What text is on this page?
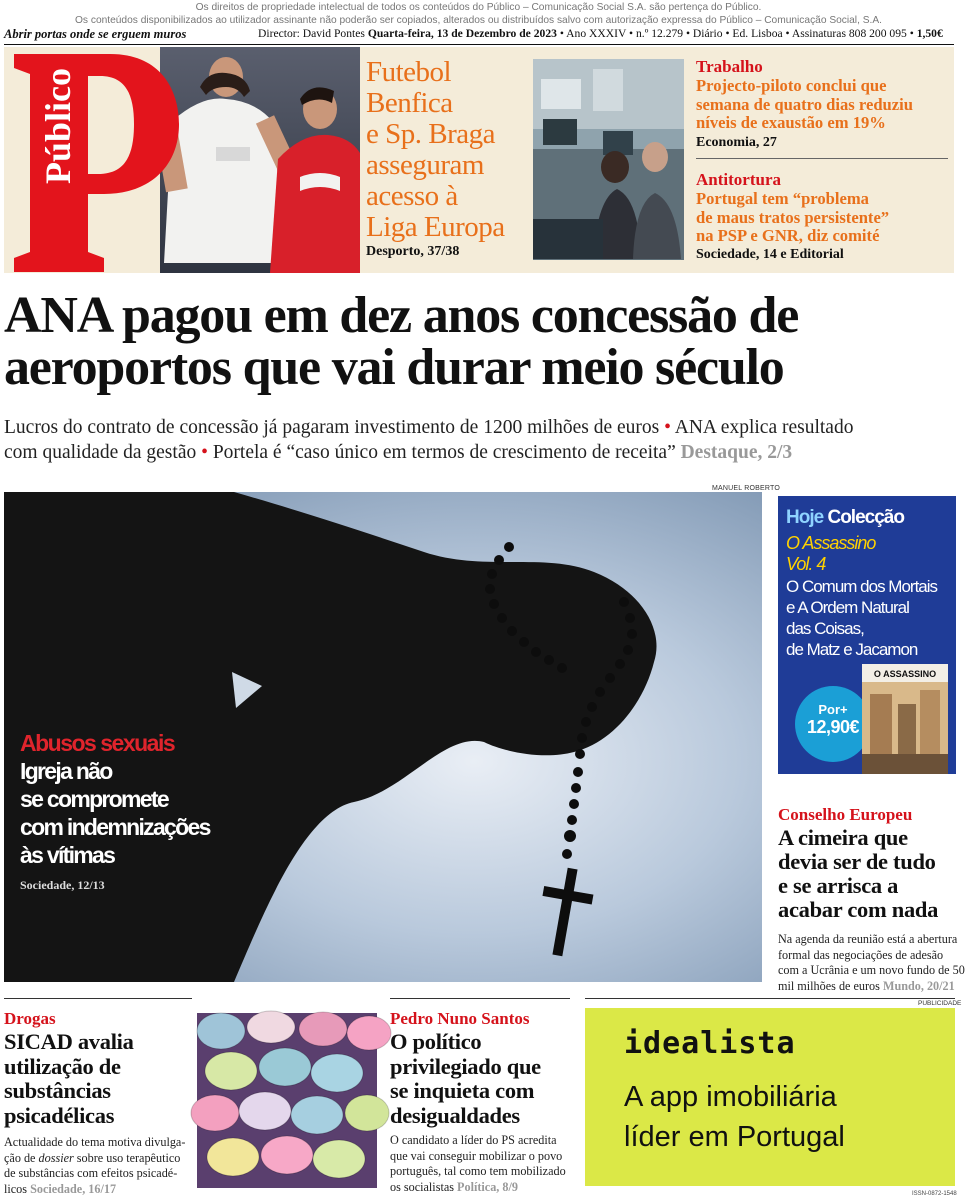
Os direitos de propriedade intelectual de todos os conteúdos do Público – Comunicação Social S.A. são pertença do Público.
Os conteúdos disponibilizados ao utilizador assinante não poderão ser copiados, alterados ou distribuídos salvo com autorização expressa do Público – Comunicação Social, S.A.
Abrir portas onde se erguem muros	Director: David Pontes Quarta-feira, 13 de Dezembro de 2023 • Ano XXXIV • n.º 12.279 • Diário • Ed. Lisboa • Assinaturas 808 200 095 • 1,50€
Público	Futebol
Benfica
e Sp. Braga
asseguram
acesso à
Liga Europa
Desporto, 37/38
Trabalho
Projecto-piloto conclui que
semana de quatro dias reduziu
níveis de exaustão em 19%
Economia, 27
Antitortura
Portugal tem “problema
de maus tratos persistente”
na PSP e GNR, diz comité
Sociedade, 14 e Editorial
ANA pagou em dez anos concessão de
aeroportos que vai durar meio século
Lucros do contrato de concessão já pagaram investimento de 1200 milhões de euros • ANA explica resultado
com qualidade da gestão • Portela é “caso único em termos de crescimento de receita” Destaque, 2/3
MANUEL ROBERTO
Abusos sexuais
Igreja não
se compromete
com indemnizações
às vítimas
Sociedade, 12/13
Hoje Colecção
O Assassino
Vol. 4
O Comum dos Mortais
e A Ordem Natural
das Coisas,
de Matz e Jacamon
Por+
12,90€
O ASSASSINO
Conselho Europeu
A cimeira que
devia ser de tudo
e se arrisca a
acabar com nada
Na agenda da reunião está a abertura
formal das negociações de adesão
com a Ucrânia e um novo fundo de 50
mil milhões de euros Mundo, 20/21
Drogas
SICAD avalia
utilização de
substâncias
psicadélicas
Actualidade do tema motiva divulga-
ção de dossier sobre uso terapêutico
de substâncias com efeitos psicadé-
licos Sociedade, 16/17
Pedro Nuno Santos
O político
privilegiado que
se inquieta com
desigualdades
O candidato a líder do PS acredita
que vai conseguir mobilizar o povo
português, tal como tem mobilizado
os socialistas Política, 8/9
PUBLICIDADE
idealista
A app imobiliária
líder em Portugal
ISSN-0872-1548
